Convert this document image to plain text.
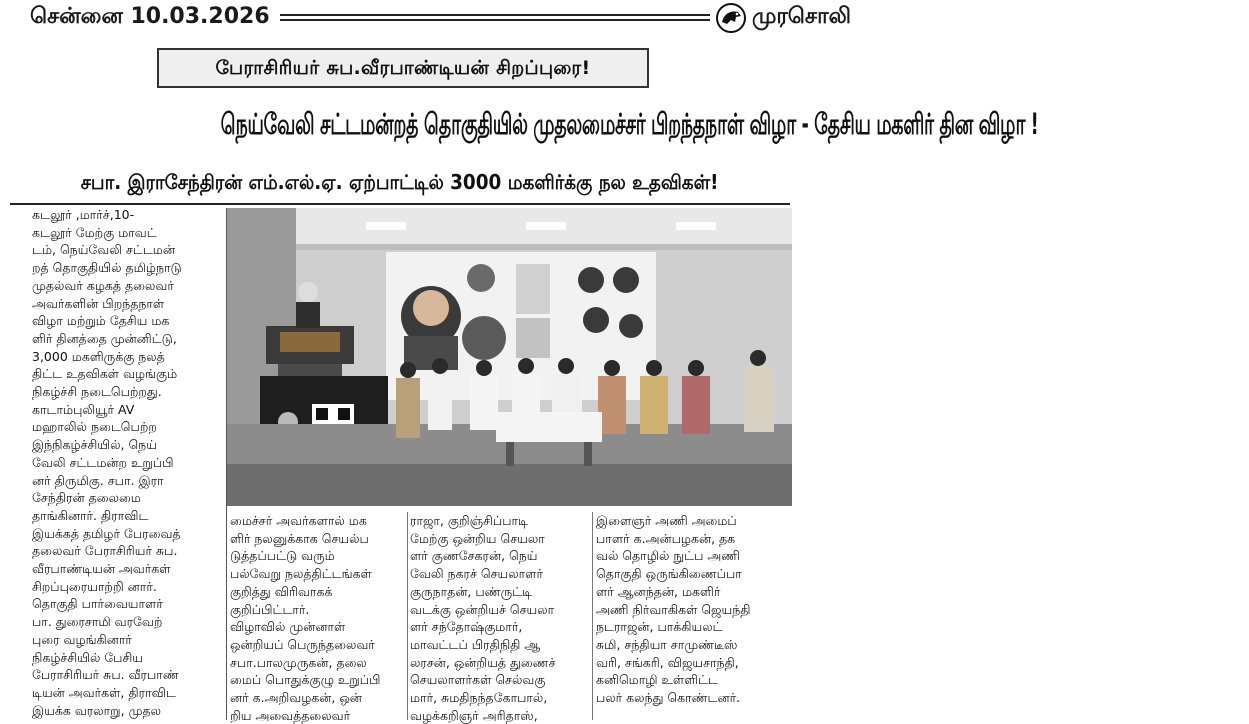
சென்னை 10.03.2026	முரசொலி
பேராசிரியர் சுப.வீரபாண்டியன் சிறப்புரை!
நெய்வேலி சட்டமன்றத் தொகுதியில் முதலமைச்சர் பிறந்தநாள் விழா - தேசிய மகளிர் தின விழா !
சபா. இராசேந்திரன் எம்.எல்.ஏ. ஏற்பாட்டில் 3000 மகளிர்க்கு நல உதவிகள்!

கடலூர் ,மார்ச்,10-
கடலூர் மேற்கு மாவட்
டம், நெய்வேலி சட்டமன்
றத் தொகுதியில் தமிழ்நாடு
முதல்வர் கழகத் தலைவர்
அவர்களின் பிறந்தநாள்
விழா மற்றும் தேசிய மக
ளிர் தினத்தை முன்னிட்டு,
3,000 மகளிருக்கு நலத்
திட்ட உதவிகள் வழங்கும்
நிகழ்ச்சி நடைபெற்றது.
காடாம்புலியூர் AV
மஹாலில் நடைபெற்ற
இந்நிகழ்ச்சியில், நெய்
வேலி சட்டமன்ற உறுப்பி
னர் திருமிகு. சபா. இரா
சேந்திரன் தலைமை
தாங்கினார். திராவிட
இயக்கத் தமிழர் பேரவைத்
தலைவர் பேராசிரியர் சுப.
வீரபாண்டியன் அவர்கள்
சிறப்புரையாற்றி னார்.
தொகுதி பார்வையாளர்
பா. துரைசாமி வரவேற்
புரை வழங்கினார்
நிகழ்ச்சியில் பேசிய
பேராசிரியர் சுப. வீரபாண்
டியன் அவர்கள், திராவிட
இயக்க வரலாறு, முதல

மைச்சர் அவர்களால் மக
ளிர் நலனுக்காக செயல்ப
டுத்தப்பட்டு வரும்
பல்வேறு நலத்திட்டங்கள்
குறித்து விரிவாகக்
குறிப்பிட்டார்.
விழாவில் முன்னாள்
ஒன்றியப் பெருந்தலைவர்
சபா.பாலமுருகன், தலை
மைப் பொதுக்குழு உறுப்பி
னர் க.அறிவழகன், ஒன்
றிய அவைத்தலைவர்

ராஜா, குறிஞ்சிப்பாடி
மேற்கு ஒன்றிய செயலா
ளர் குணசேகரன், நெய்
வேலி நகரச் செயலாளர்
குருநாதன், பண்ருட்டி
வடக்கு ஒன்றியச் செயலா
ளர் சந்தோஷ்குமார்,
மாவட்டப் பிரதிநிதி ஆ
லரசன், ஒன்றியத் துணைச்
செயலாளர்கள் செல்வகு
மார், சுமதிநந்தகோபால்,
வழக்கறிஞர் அரிதாஸ்,

இளைஞர் அணி அமைப்
பாளர் க.அன்பழகன், தக
வல் தொழில் நுட்ப அணி
தொகுதி ஒருங்கிணைப்பா
ளர் ஆனந்தன், மகளிர்
அணி நிர்வாகிகள் ஜெயந்தி
நடராஜன், பாக்கியலட்
சுமி, சந்தியா சாமுண்டீஸ்
வரி, சங்கரி, விஜயசாந்தி,
கனிமொழி உள்ளிட்ட
பலர் கலந்து கொண்டனர்.
